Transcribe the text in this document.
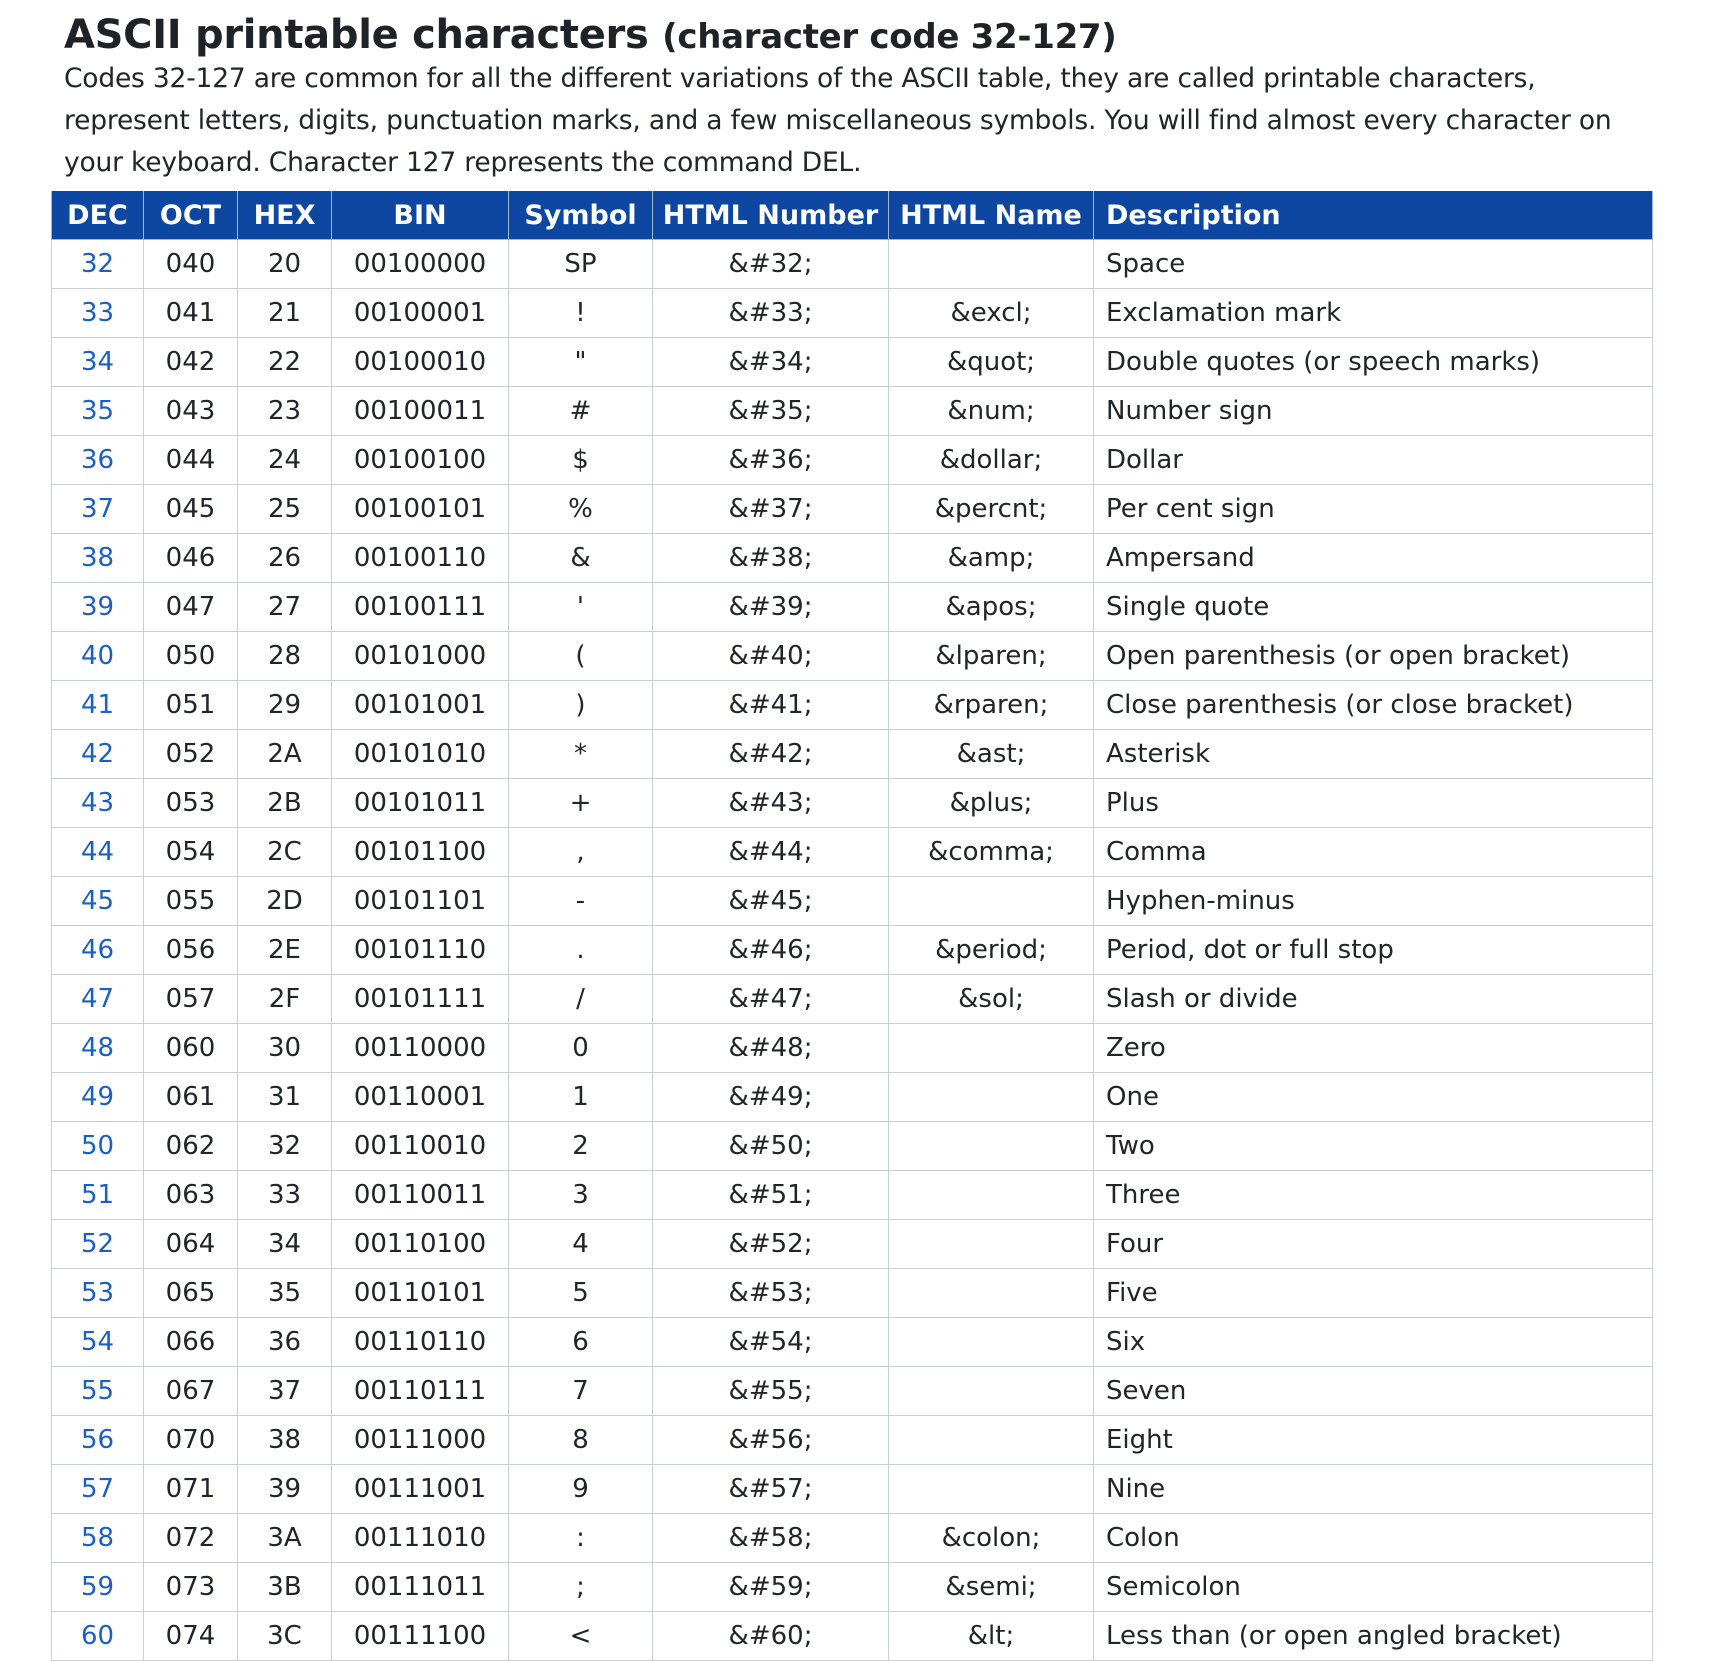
ASCII printable characters (character code 32-127)

Codes 32-127 are common for all the different variations of the ASCII table, they are called printable characters, represent letters, digits, punctuation marks, and a few miscellaneous symbols. You will find almost every character on your keyboard. Character 127 represents the command DEL.

DEC	OCT	HEX	BIN	Symbol	HTML Number	HTML Name	Description
32	040	20	00100000	SP	&#32;		Space
33	041	21	00100001	!	&#33;	&excl;	Exclamation mark
34	042	22	00100010	"	&#34;	&quot;	Double quotes (or speech marks)
35	043	23	00100011	#	&#35;	&num;	Number sign
36	044	24	00100100	$	&#36;	&dollar;	Dollar
37	045	25	00100101	%	&#37;	&percnt;	Per cent sign
38	046	26	00100110	&	&#38;	&amp;	Ampersand
39	047	27	00100111	'	&#39;	&apos;	Single quote
40	050	28	00101000	(	&#40;	&lparen;	Open parenthesis (or open bracket)
41	051	29	00101001	)	&#41;	&rparen;	Close parenthesis (or close bracket)
42	052	2A	00101010	*	&#42;	&ast;	Asterisk
43	053	2B	00101011	+	&#43;	&plus;	Plus
44	054	2C	00101100	,	&#44;	&comma;	Comma
45	055	2D	00101101	-	&#45;		Hyphen-minus
46	056	2E	00101110	.	&#46;	&period;	Period, dot or full stop
47	057	2F	00101111	/	&#47;	&sol;	Slash or divide
48	060	30	00110000	0	&#48;		Zero
49	061	31	00110001	1	&#49;		One
50	062	32	00110010	2	&#50;		Two
51	063	33	00110011	3	&#51;		Three
52	064	34	00110100	4	&#52;		Four
53	065	35	00110101	5	&#53;		Five
54	066	36	00110110	6	&#54;		Six
55	067	37	00110111	7	&#55;		Seven
56	070	38	00111000	8	&#56;		Eight
57	071	39	00111001	9	&#57;		Nine
58	072	3A	00111010	:	&#58;	&colon;	Colon
59	073	3B	00111011	;	&#59;	&semi;	Semicolon
60	074	3C	00111100	<	&#60;	&lt;	Less than (or open angled bracket)
